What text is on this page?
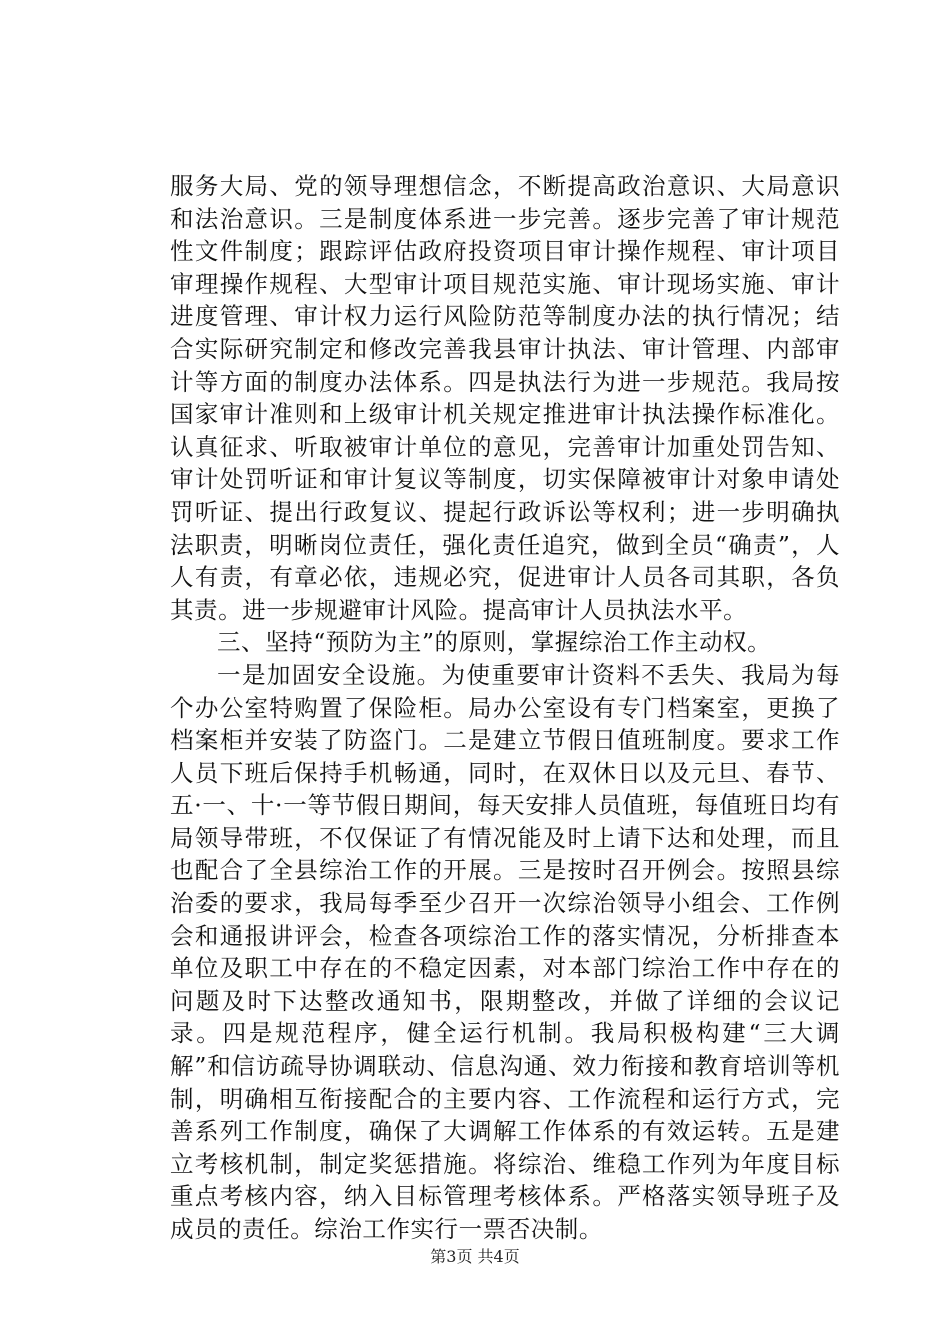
服务大局、党的领导理想信念，不断提高政治意识、大局意识和法治意识。三是制度体系进一步完善。逐步完善了审计规范性文件制度；跟踪评估政府投资项目审计操作规程、审计项目审理操作规程、大型审计项目规范实施、审计现场实施、审计进度管理、审计权力运行风险防范等制度办法的执行情况；结合实际研究制定和修改完善我县审计执法、审计管理、内部审计等方面的制度办法体系。四是执法行为进一步规范。我局按国家审计准则和上级审计机关规定推进审计执法操作标准化。认真征求、听取被审计单位的意见，完善审计加重处罚告知、审计处罚听证和审计复议等制度，切实保障被审计对象申请处罚听证、提出行政复议、提起行政诉讼等权利；进一步明确执法职责，明晰岗位责任，强化责任追究，做到全员“确责”，人人有责，有章必依，违规必究，促进审计人员各司其职，各负其责。进一步规避审计风险。提高审计人员执法水平。

三、坚持“预防为主”的原则，掌握综治工作主动权。

一是加固安全设施。为使重要审计资料不丢失、我局为每个办公室特购置了保险柜。局办公室设有专门档案室，更换了档案柜并安装了防盗门。二是建立节假日值班制度。要求工作人员下班后保持手机畅通，同时，在双休日以及元旦、春节、五·一、十·一等节假日期间，每天安排人员值班，每值班日均有局领导带班，不仅保证了有情况能及时上请下达和处理，而且也配合了全县综治工作的开展。三是按时召开例会。按照县综治委的要求，我局每季至少召开一次综治领导小组会、工作例会和通报讲评会，检查各项综治工作的落实情况，分析排查本单位及职工中存在的不稳定因素，对本部门综治工作中存在的问题及时下达整改通知书，限期整改，并做了详细的会议记录。四是规范程序，健全运行机制。我局积极构建“三大调解”和信访疏导协调联动、信息沟通、效力衔接和教育培训等机制，明确相互衔接配合的主要内容、工作流程和运行方式，完善系列工作制度，确保了大调解工作体系的有效运转。五是建立考核机制，制定奖惩措施。将综治、维稳工作列为年度目标重点考核内容，纳入目标管理考核体系。严格落实领导班子及成员的责任。综治工作实行一票否决制。

第3页 共4页
